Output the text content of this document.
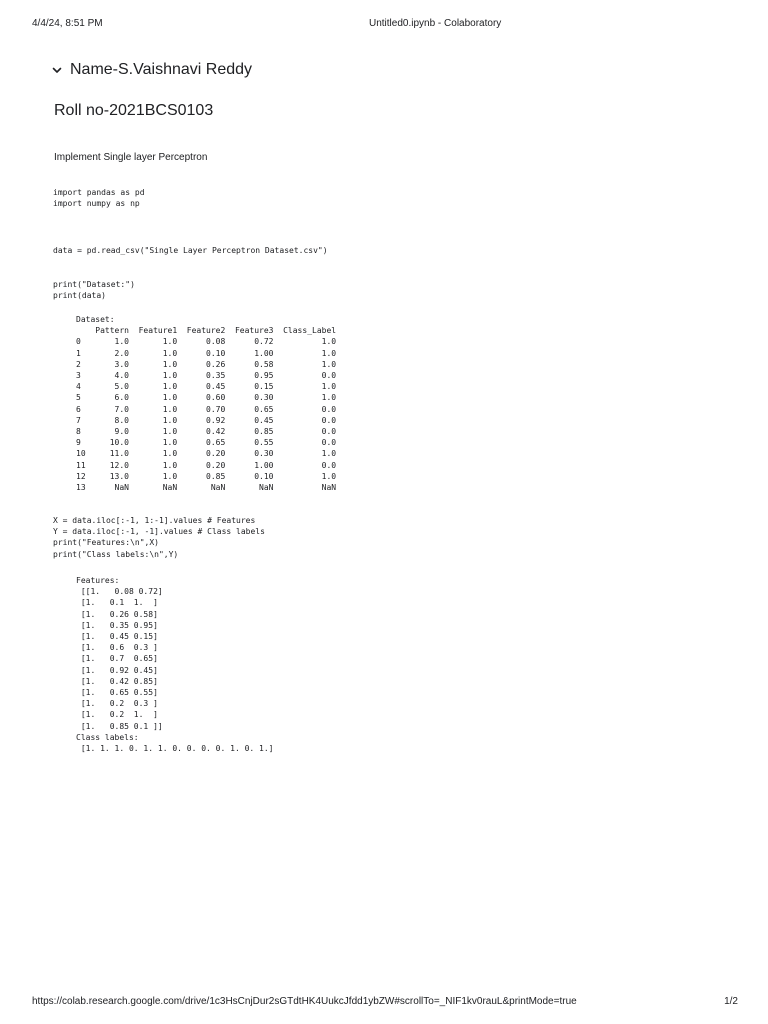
4/4/24, 8:51 PM	Untitled0.ipynb - Colaboratory
Name-S.Vaishnavi Reddy
Roll no-2021BCS0103
Implement Single layer Perceptron
import pandas as pd
import numpy as np
data = pd.read_csv("Single Layer Perceptron Dataset.csv")
print("Dataset:")
print(data)
Dataset:
Pattern  Feature1  Feature2  Feature3  Class_Label
0       1.0       1.0      0.08      0.72          1.0
1       2.0       1.0      0.10      1.00          1.0
2       3.0       1.0      0.26      0.58          1.0
3       4.0       1.0      0.35      0.95          0.0
4       5.0       1.0      0.45      0.15          1.0
5       6.0       1.0      0.60      0.30          1.0
6       7.0       1.0      0.70      0.65          0.0
7       8.0       1.0      0.92      0.45          0.0
8       9.0       1.0      0.42      0.85          0.0
9      10.0       1.0      0.65      0.55          0.0
10     11.0       1.0      0.20      0.30          1.0
11     12.0       1.0      0.20      1.00          0.0
12     13.0       1.0      0.85      0.10          1.0
13      NaN       NaN       NaN       NaN          NaN
X = data.iloc[:-1, 1:-1].values # Features
Y = data.iloc[:-1, -1].values # Class labels
print("Features:\n",X)
print("Class labels:\n",Y)
Features:
[[1.   0.08 0.72]
[1.   0.1  1.  ]
[1.   0.26 0.58]
[1.   0.35 0.95]
[1.   0.45 0.15]
[1.   0.6  0.3 ]
[1.   0.7  0.65]
[1.   0.92 0.45]
[1.   0.42 0.85]
[1.   0.65 0.55]
[1.   0.2  0.3 ]
[1.   0.2  1.  ]
[1.   0.85 0.1 ]]
Class labels:
[1. 1. 1. 0. 1. 1. 0. 0. 0. 0. 1. 0. 1.]
https://colab.research.google.com/drive/1c3HsCnjDur2sGTdtHK4UukcJfdd1ybZW#scrollTo=_NIF1kv0rauL&printMode=true	1/2
